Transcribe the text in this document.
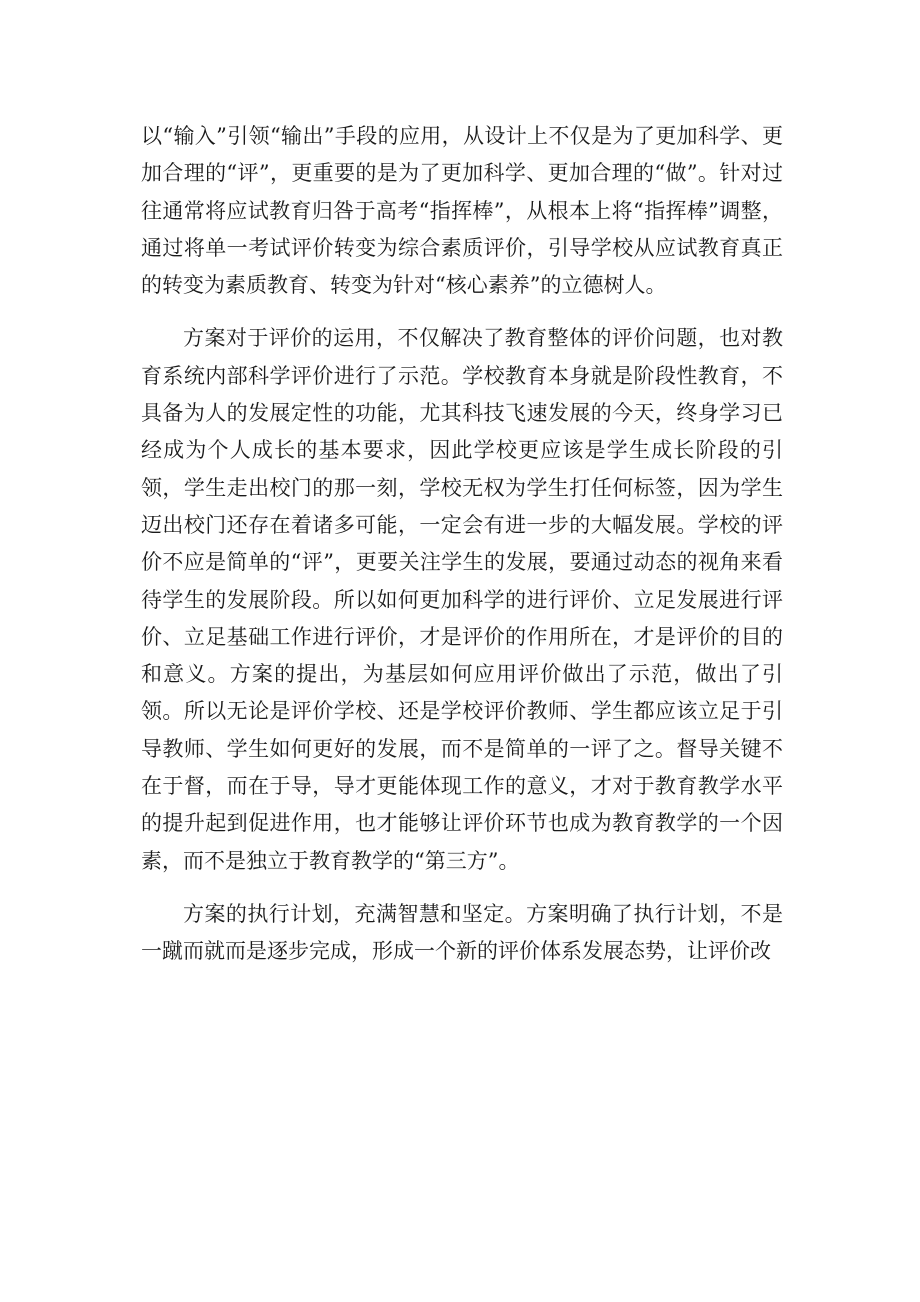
以“输入”引领“输出”手段的应用，从设计上不仅是为了更加科学、更加合理的“评”，更重要的是为了更加科学、更加合理的“做”。针对过往通常将应试教育归咎于高考“指挥棒”，从根本上将“指挥棒”调整，通过将单一考试评价转变为综合素质评价，引导学校从应试教育真正的转变为素质教育、转变为针对“核心素养”的立德树人。

方案对于评价的运用，不仅解决了教育整体的评价问题，也对教育系统内部科学评价进行了示范。学校教育本身就是阶段性教育，不具备为人的发展定性的功能，尤其科技飞速发展的今天，终身学习已经成为个人成长的基本要求，因此学校更应该是学生成长阶段的引领，学生走出校门的那一刻，学校无权为学生打任何标签，因为学生迈出校门还存在着诸多可能，一定会有进一步的大幅发展。学校的评价不应是简单的“评”，更要关注学生的发展，要通过动态的视角来看待学生的发展阶段。所以如何更加科学的进行评价、立足发展进行评价、立足基础工作进行评价，才是评价的作用所在，才是评价的目的和意义。方案的提出，为基层如何应用评价做出了示范，做出了引领。所以无论是评价学校、还是学校评价教师、学生都应该立足于引导教师、学生如何更好的发展，而不是简单的一评了之。督导关键不在于督，而在于导，导才更能体现工作的意义，才对于教育教学水平的提升起到促进作用，也才能够让评价环节也成为教育教学的一个因素，而不是独立于教育教学的“第三方”。

方案的执行计划，充满智慧和坚定。方案明确了执行计划，不是一蹴而就而是逐步完成，形成一个新的评价体系发展态势，让评价改
